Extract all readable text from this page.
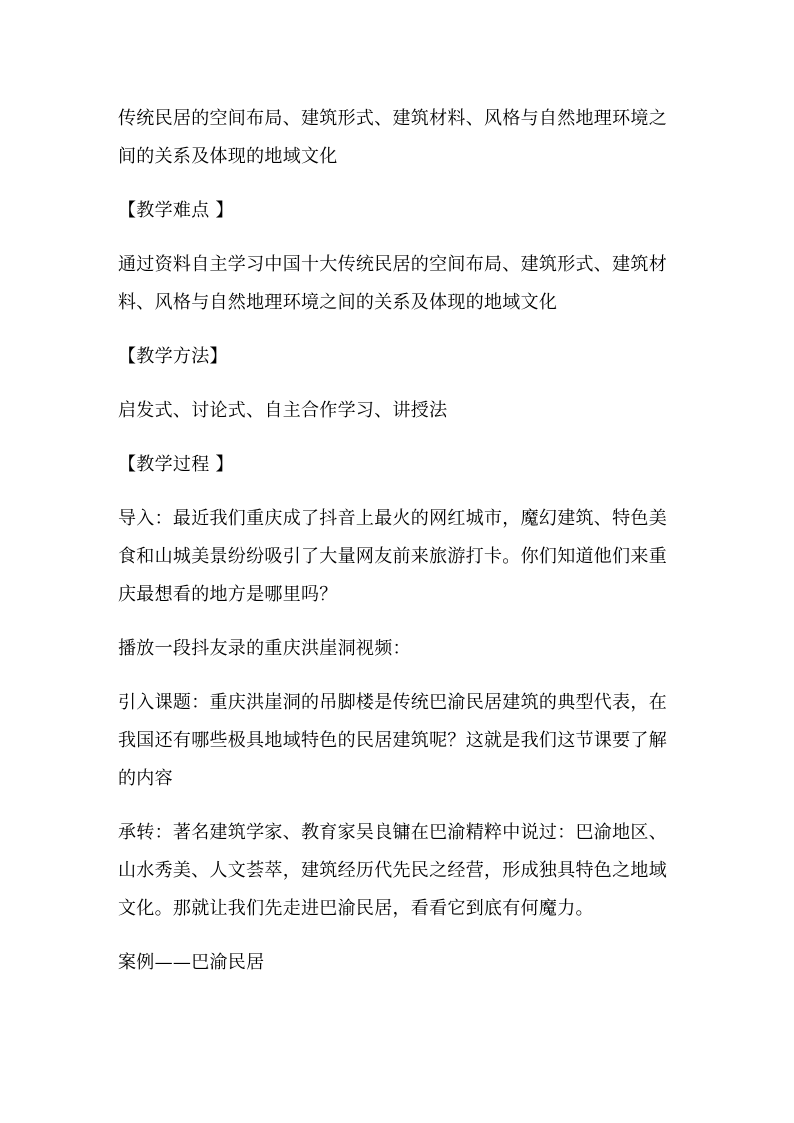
传统民居的空间布局、建筑形式、建筑材料、风格与自然地理环境之间的关系及体现的地域文化

【教学难点 】

通过资料自主学习中国十大传统民居的空间布局、建筑形式、建筑材料、风格与自然地理环境之间的关系及体现的地域文化

【教学方法】

启发式、讨论式、自主合作学习、讲授法

【教学过程 】

导入：最近我们重庆成了抖音上最火的网红城市，魔幻建筑、特色美食和山城美景纷纷吸引了大量网友前来旅游打卡。你们知道他们来重庆最想看的地方是哪里吗？

播放一段抖友录的重庆洪崖洞视频：

引入课题：重庆洪崖洞的吊脚楼是传统巴渝民居建筑的典型代表，在我国还有哪些极具地域特色的民居建筑呢？这就是我们这节课要了解的内容

承转：著名建筑学家、教育家吴良镛在巴渝精粹中说过：巴渝地区、山水秀美、人文荟萃，建筑经历代先民之经营，形成独具特色之地域文化。那就让我们先走进巴渝民居，看看它到底有何魔力。

案例——巴渝民居
